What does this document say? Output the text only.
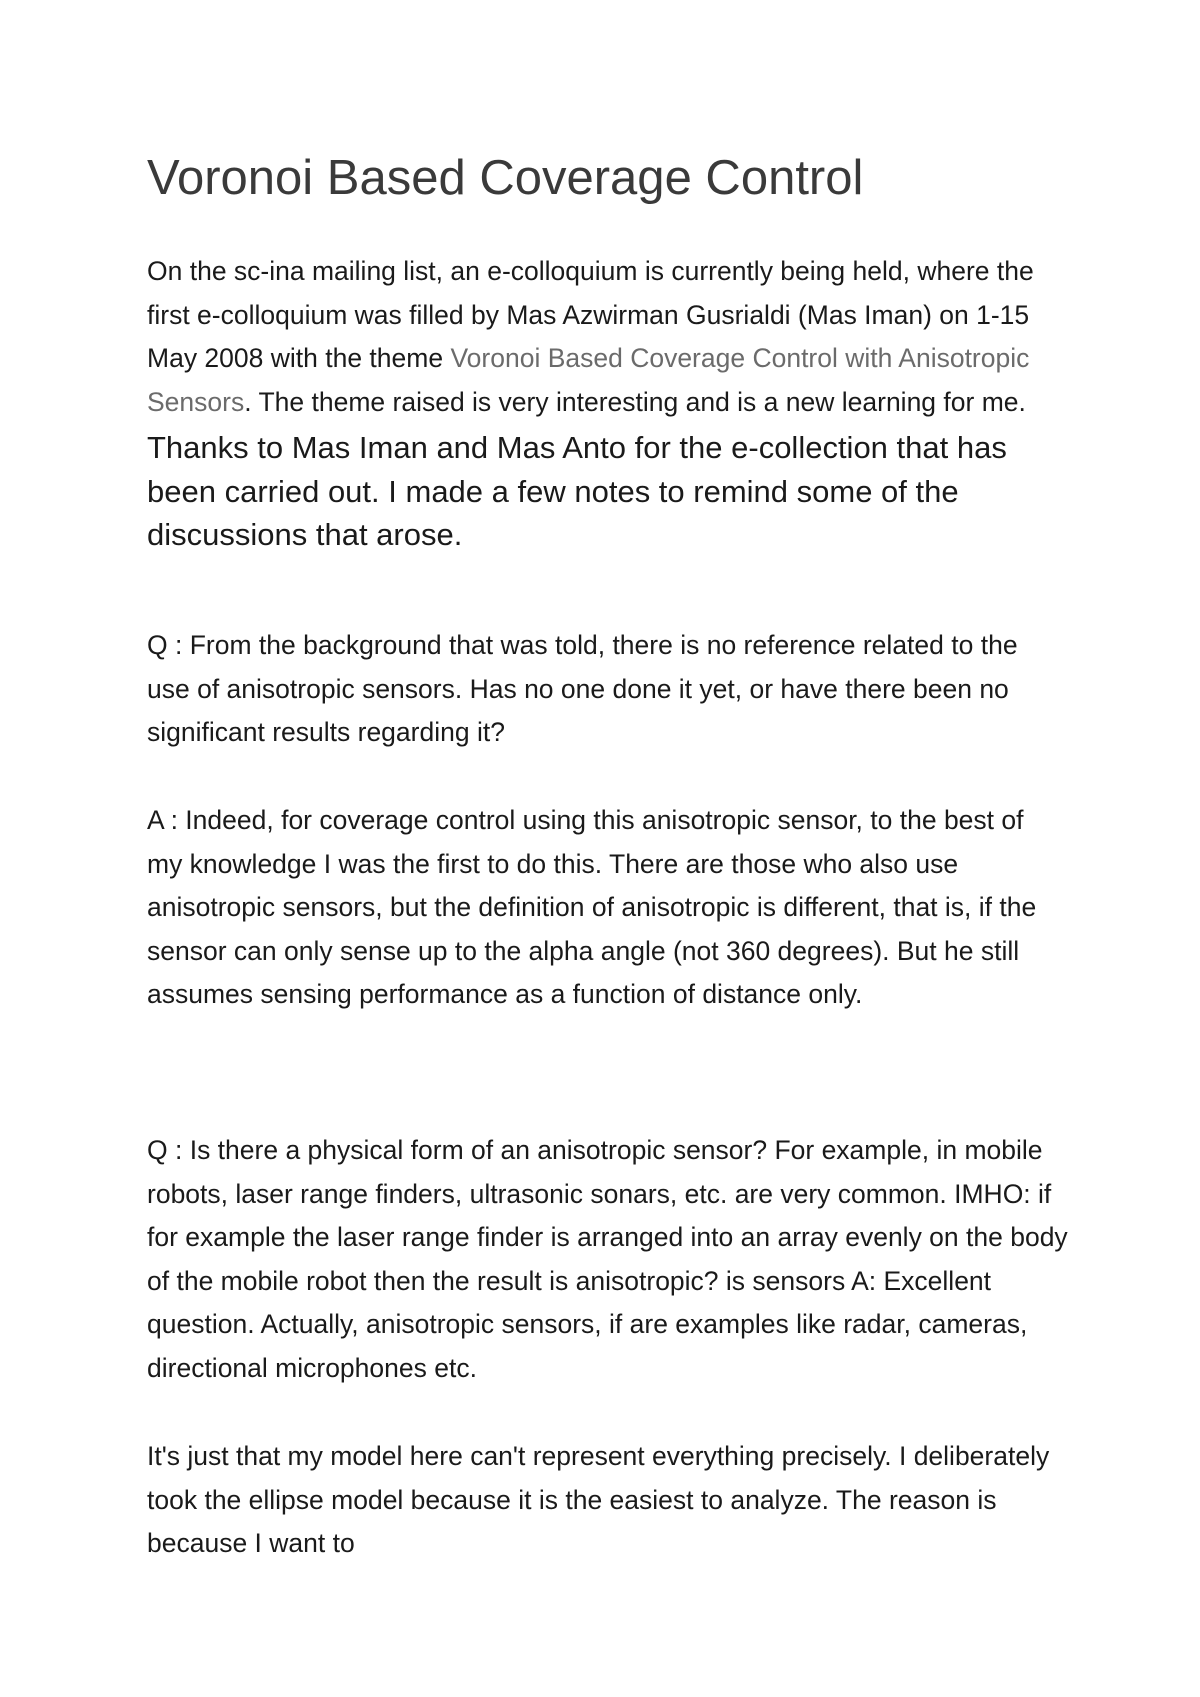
Voronoi Based Coverage Control

On the sc-ina mailing list, an e-colloquium is currently being held, where the first e-colloquium was filled by Mas Azwirman Gusrialdi (Mas Iman) on 1-15 May 2008 with the theme Voronoi Based Coverage Control with Anisotropic Sensors. The theme raised is very interesting and is a new learning for me.

Thanks to Mas Iman and Mas Anto for the e-collection that has been carried out. I made a few notes to remind some of the discussions that arose.

Q : From the background that was told, there is no reference related to the use of anisotropic sensors. Has no one done it yet, or have there been no significant results regarding it?

A : Indeed, for coverage control using this anisotropic sensor, to the best of my knowledge I was the first to do this. There are those who also use anisotropic sensors, but the definition of anisotropic is different, that is, if the sensor can only sense up to the alpha angle (not 360 degrees). But he still assumes sensing performance as a function of distance only.

Q : Is there a physical form of an anisotropic sensor? For example, in mobile robots, laser range finders, ultrasonic sonars, etc. are very common. IMHO: if for example the laser range finder is arranged into an array evenly on the body of the mobile robot then the result is anisotropic? is sensors A: Excellent question. Actually, anisotropic sensors, if are examples like radar, cameras, directional microphones etc.

It's just that my model here can't represent everything precisely. I deliberately took the ellipse model because it is the easiest to analyze. The reason is because I want to
